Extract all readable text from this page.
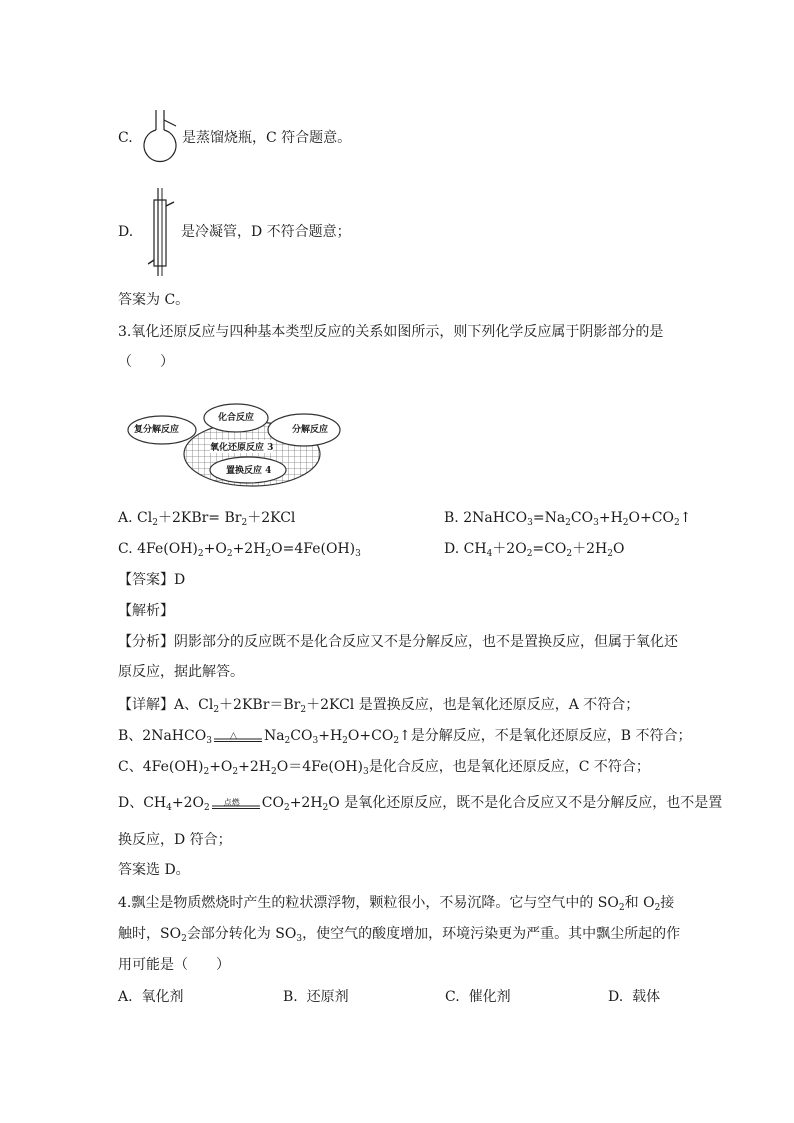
C.	是蒸馏烧瓶，C 符合题意。
D.	是冷凝管，D 不符合题意；
答案为 C。
3.氧化还原反应与四种基本类型反应的关系如图所示，则下列化学反应属于阴影部分的是
（　　）
复分解反应
化合反应
分解反应
氧化还原反应 3
置换反应 4
A. $Cl_2+2KBr= Br_2+2KCl$	B. $2NaHCO_3=Na_2CO_3+H_2O+CO_2↑$
C. $4Fe(OH)_2+O_2+2H_2O=4Fe(OH)_3$	D. $CH_4+2O_2=CO_2+2H_2O$
【答案】D
【解析】
【分析】阴影部分的反应既不是化合反应又不是分解反应，也不是置换反应，但属于氧化还
原反应，据此解答。
【详解】A、$Cl_2+2KBr=Br_2+2KCl$ 是置换反应，也是氧化还原反应，A 不符合；
B、2NaHCO$_3$ △ $Na_2CO_3+H_2O+CO_2↑$是分解反应，不是氧化还原反应，B 不符合；
C、$4Fe(OH)_2+O_2+2H_2O=4Fe(OH)_3$是化合反应，也是氧化还原反应，C 不符合；
D、$CH_4+2O_2$
点燃 $CO_2+2H_2O$ 是氧化还原反应，既不是化合反应又不是分解反应，也不是置
换反应，D 符合；
答案选 D。
4.飘尘是物质燃烧时产生的粒状漂浮物，颗粒很小，不易沉降。它与空气中的 $SO_2$和 $O_2$接
触时，$SO_2$会部分转化为 $SO_3$，使空气的酸度增加，环境污染更为严重。其中飘尘所起的作
用可能是（　　）
A. 氧化剂	B. 还原剂	C. 催化剂	D. 载体
